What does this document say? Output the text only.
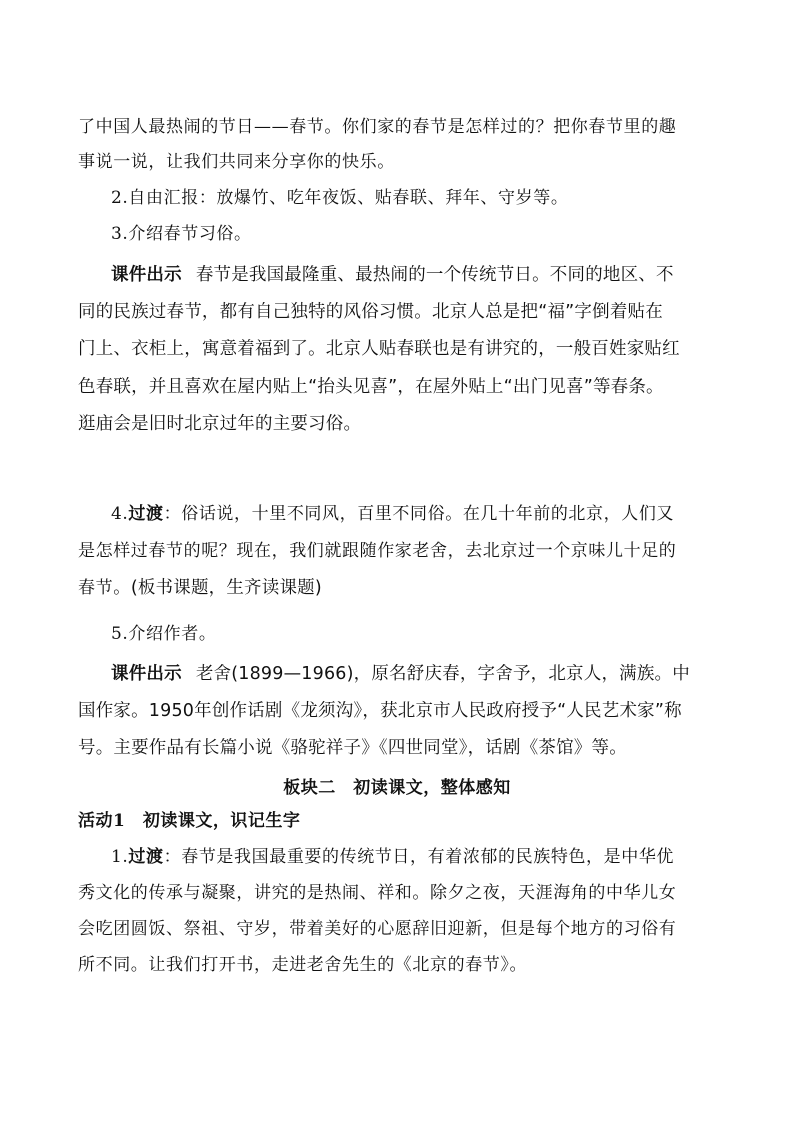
了中国人最热闹的节日——春节。你们家的春节是怎样过的？把你春节里的趣
事说一说，让我们共同来分享你的快乐。
2.自由汇报：放爆竹、吃年夜饭、贴春联、拜年、守岁等。
3.介绍春节习俗。
课件出示 春节是我国最隆重、最热闹的一个传统节日。不同的地区、不
同的民族过春节，都有自己独特的风俗习惯。北京人总是把“福”字倒着贴在
门上、衣柜上，寓意着福到了。北京人贴春联也是有讲究的，一般百姓家贴红
色春联，并且喜欢在屋内贴上“抬头见喜”，在屋外贴上“出门见喜”等春条。
逛庙会是旧时北京过年的主要习俗。
4.过渡：俗话说，十里不同风，百里不同俗。在几十年前的北京，人们又
是怎样过春节的呢？现在，我们就跟随作家老舍，去北京过一个京味儿十足的
春节。(板书课题，生齐读课题)
5.介绍作者。
课件出示 老舍(1899—1966)，原名舒庆春，字舍予，北京人，满族。中
国作家。1950年创作话剧《龙须沟》，获北京市人民政府授予“人民艺术家”称
号。主要作品有长篇小说《骆驼祥子》《四世同堂》，话剧《茶馆》等。
板块二　初读课文，整体感知
活动1　初读课文，识记生字
1.过渡：春节是我国最重要的传统节日，有着浓郁的民族特色，是中华优
秀文化的传承与凝聚，讲究的是热闹、祥和。除夕之夜，天涯海角的中华儿女
会吃团圆饭、祭祖、守岁，带着美好的心愿辞旧迎新，但是每个地方的习俗有
所不同。让我们打开书，走进老舍先生的《北京的春节》。
